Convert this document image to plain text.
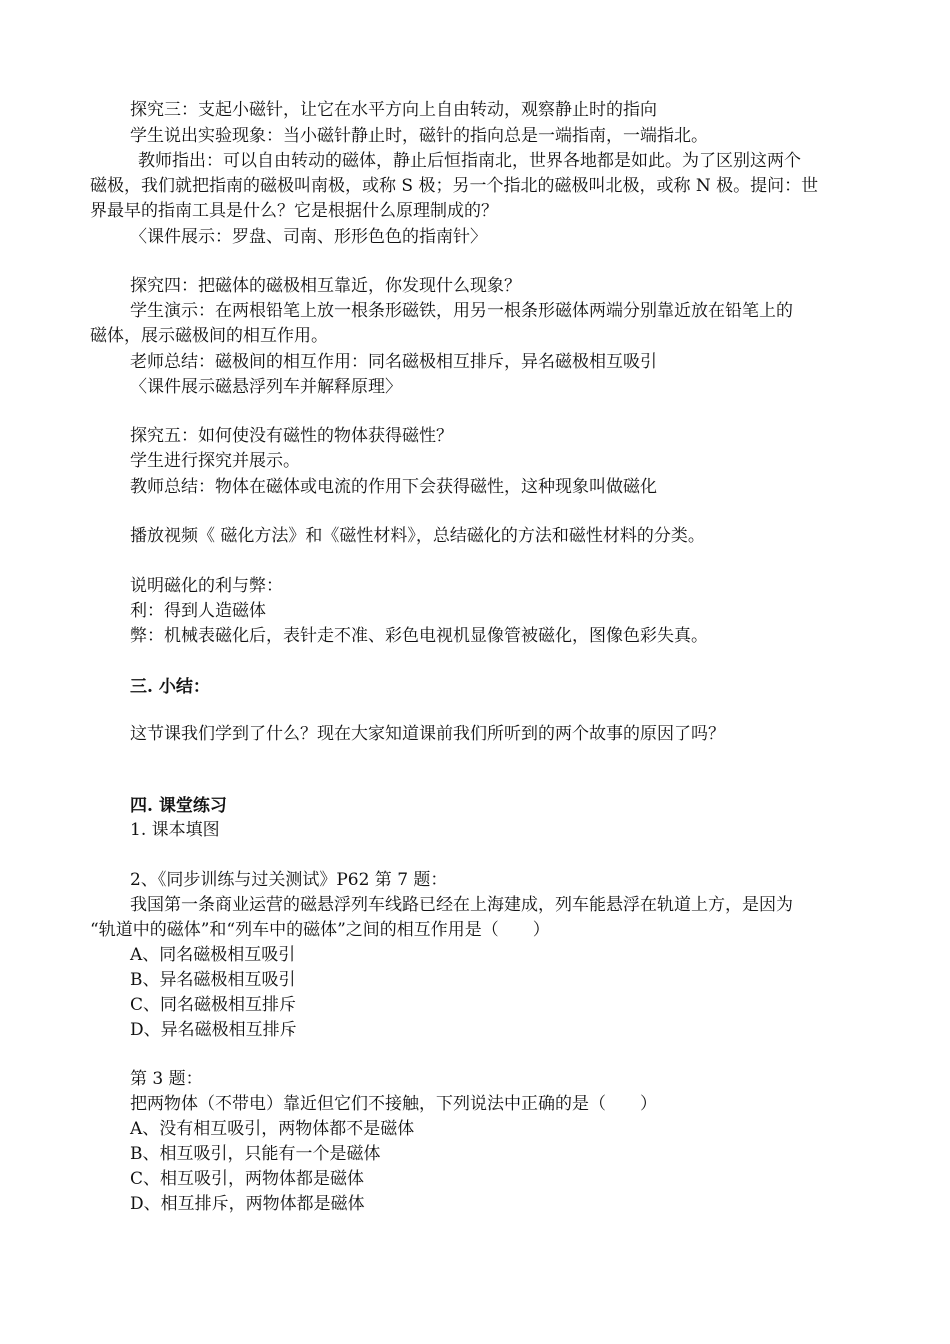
探究三：支起小磁针，让它在水平方向上自由转动，观察静止时的指向
学生说出实验现象：当小磁针静止时，磁针的指向总是一端指南，一端指北。
教师指出：可以自由转动的磁体，静止后恒指南北，世界各地都是如此。为了区别这两个
磁极，我们就把指南的磁极叫南极，或称 S 极；另一个指北的磁极叫北极，或称 N 极。提问：世
界最早的指南工具是什么？它是根据什么原理制成的？
〈课件展示：罗盘、司南、形形色色的指南针〉
探究四：把磁体的磁极相互靠近，你发现什么现象？
学生演示：在两根铅笔上放一根条形磁铁，用另一根条形磁体两端分别靠近放在铅笔上的
磁体，展示磁极间的相互作用。
老师总结：磁极间的相互作用：同名磁极相互排斥，异名磁极相互吸引
〈课件展示磁悬浮列车并解释原理〉
探究五：如何使没有磁性的物体获得磁性？
学生进行探究并展示。
教师总结：物体在磁体或电流的作用下会获得磁性，这种现象叫做磁化
播放视频《 磁化方法》和《磁性材料》，总结磁化的方法和磁性材料的分类。
说明磁化的利与弊：
利：得到人造磁体
弊：机械表磁化后，表针走不准、彩色电视机显像管被磁化，图像色彩失真。
三. 小结：
这节课我们学到了什么？现在大家知道课前我们所听到的两个故事的原因了吗？
四. 课堂练习
1. 课本填图
2、《同步训练与过关测试》P62 第 7 题：
我国第一条商业运营的磁悬浮列车线路已经在上海建成，列车能悬浮在轨道上方，是因为
“轨道中的磁体”和“列车中的磁体”之间的相互作用是（　　）
A、同名磁极相互吸引
B、异名磁极相互吸引
C、同名磁极相互排斥
D、异名磁极相互排斥
第 3 题：
把两物体（不带电）靠近但它们不接触，下列说法中正确的是（　　）
A、没有相互吸引，两物体都不是磁体
B、相互吸引，只能有一个是磁体
C、相互吸引，两物体都是磁体
D、相互排斥，两物体都是磁体
